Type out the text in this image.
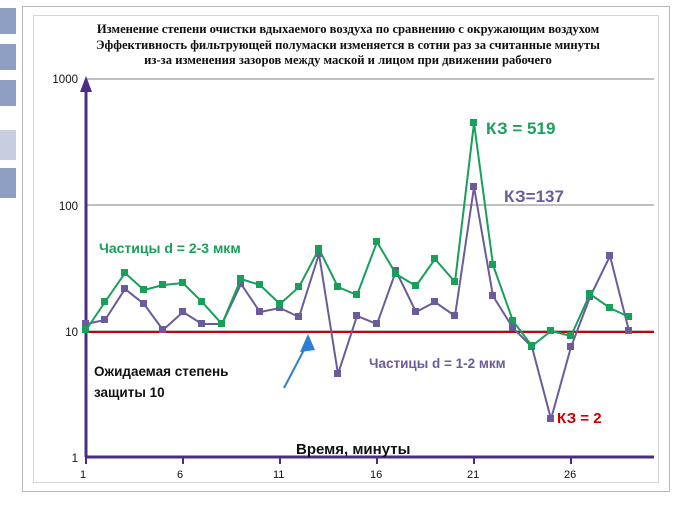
Изменение степени очистки вдыхаемого воздуха по сравнению с окружающим воздухом
Эффективность фильтрующей полумаски изменяется в сотни раз за считанные минуты
из-за изменения зазоров между маской и лицом при движении рабочего
1000
100
10
1
1	6	11	16	21	26
КЗ = 519
КЗ=137
КЗ = 2
Частицы d = 2-3 мкм
Частицы d = 1-2 мкм
Ожидаемая степень
защиты 10
Время, минуты
